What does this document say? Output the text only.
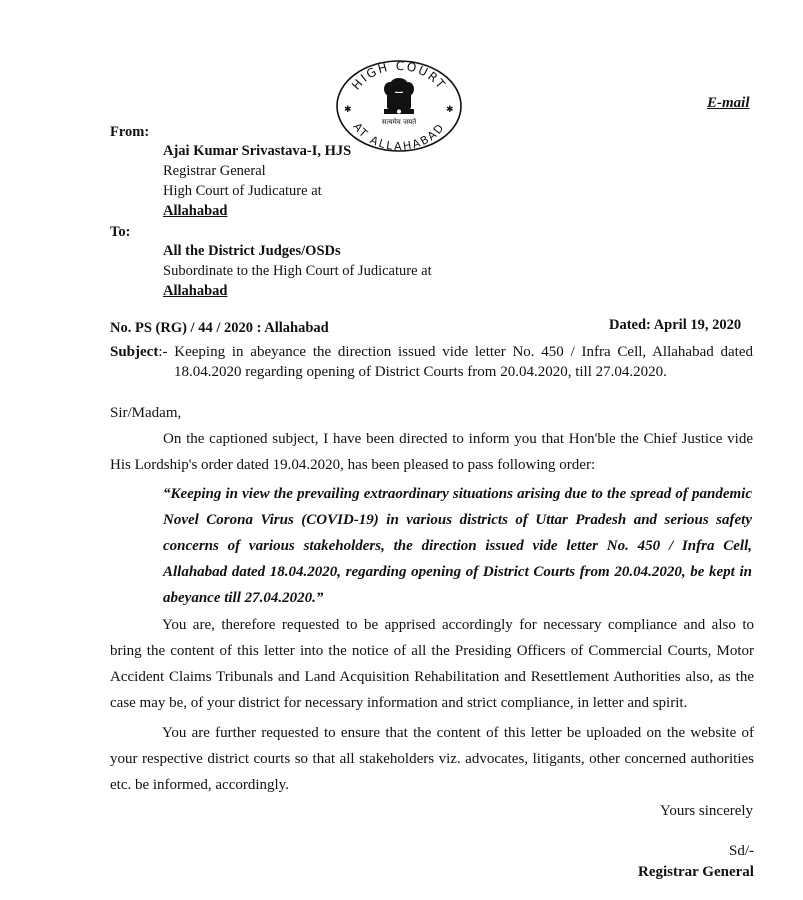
HIGH COURT
AT ALLAHABAD
✱	✱
सत्यमेव जयते
E-mail
From:
Ajai Kumar Srivastava-I, HJS
Registrar General
High Court of Judicature at
Allahabad
To:
All the District Judges/OSDs
Subordinate to the High Court of Judicature at
Allahabad
No. PS (RG) / 44 / 2020 : Allahabad	Dated: April 19, 2020
Subject:- Keeping in abeyance the direction issued vide letter No. 450 / Infra Cell, Allahabad dated
18.04.2020 regarding opening of District Courts from 20.04.2020, till 27.04.2020.
Sir/Madam,
On the captioned subject, I have been directed to inform you that Hon'ble the Chief Justice vide
His Lordship's order dated 19.04.2020, has been pleased to pass following order:
“Keeping in view the prevailing extraordinary situations arising due to the spread of pandemic
Novel Corona Virus (COVID-19) in various districts of Uttar Pradesh and serious safety
concerns of various stakeholders, the direction issued vide letter No. 450 / Infra Cell,
Allahabad dated 18.04.2020, regarding opening of District Courts from 20.04.2020, be kept in
abeyance till 27.04.2020.”
You are, therefore requested to be apprised accordingly for necessary compliance and also to
bring the content of this letter into the notice of all the Presiding Officers of Commercial Courts, Motor
Accident Claims Tribunals and Land Acquisition Rehabilitation and Resettlement Authorities also, as the
case may be, of your district for necessary information and strict compliance, in letter and spirit.
You are further requested to ensure that the content of this letter be uploaded on the website of
your respective district courts so that all stakeholders viz. advocates, litigants, other concerned authorities
etc. be informed, accordingly.
Yours sincerely
Sd/-
Registrar General
